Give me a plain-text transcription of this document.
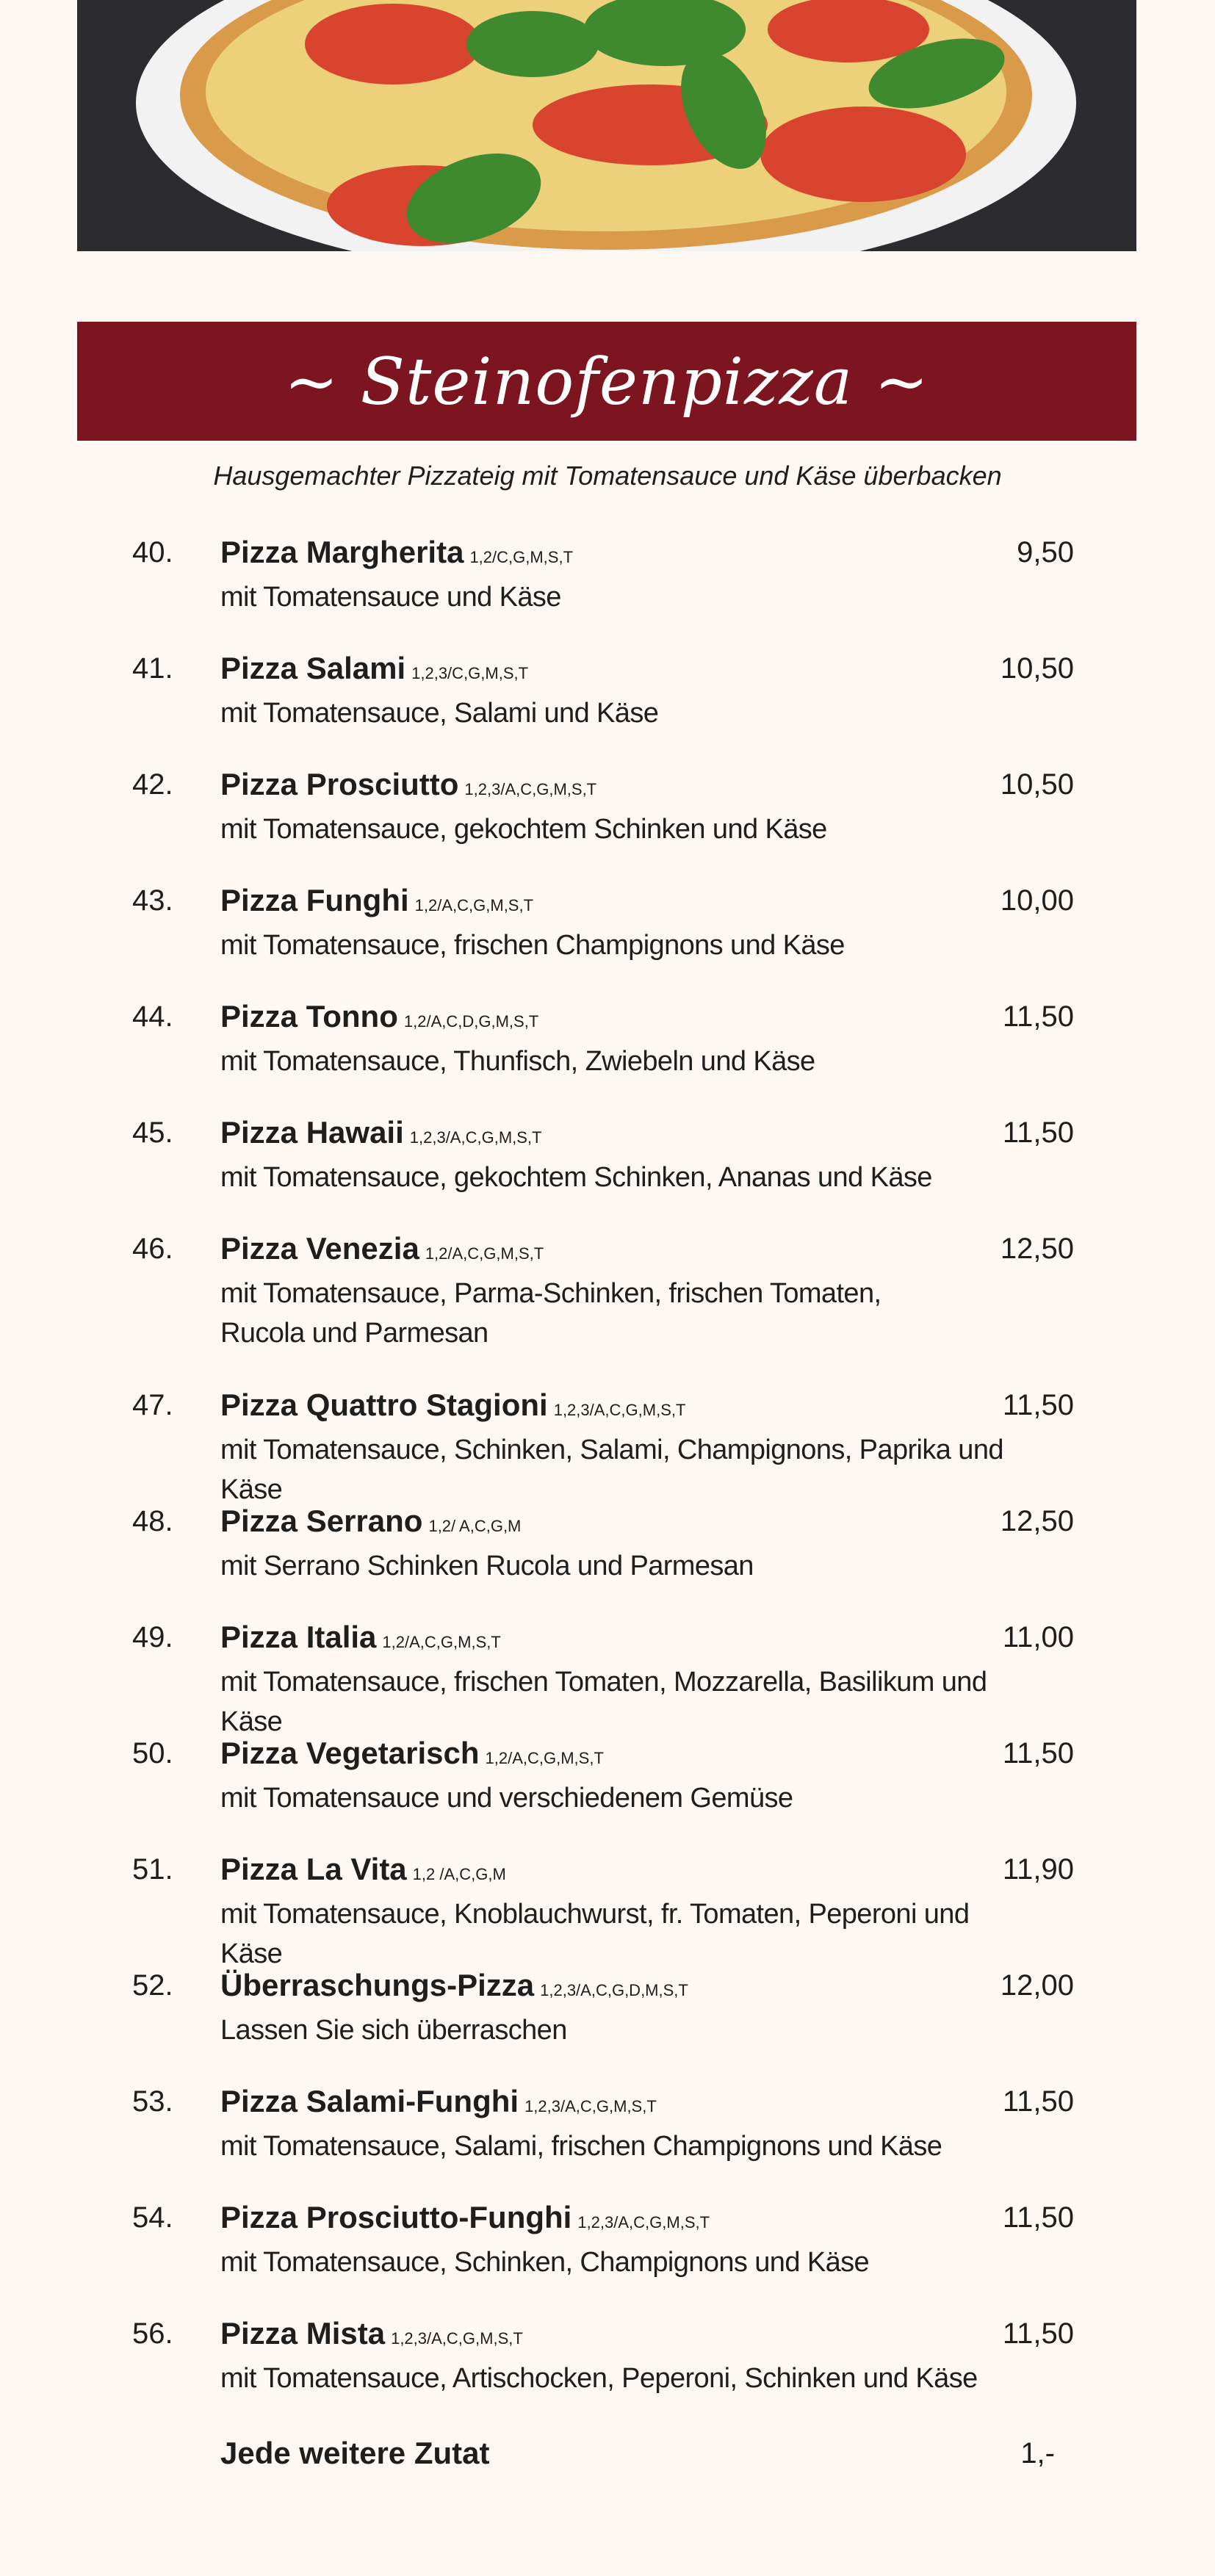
~ Steinofenpizza ~
Hausgemachter Pizzateig mit Tomatensauce und Käse überbacken
40. Pizza Margherita 1,2/C,G,M,S,T
mit Tomatensauce und Käse
9,50
41. Pizza Salami 1,2,3/C,G,M,S,T
mit Tomatensauce, Salami und Käse
10,50
42. Pizza Prosciutto 1,2,3/A,C,G,M,S,T
mit Tomatensauce, gekochtem Schinken und Käse
10,50
43. Pizza Funghi 1,2/A,C,G,M,S,T
mit Tomatensauce, frischen Champignons und Käse
10,00
44. Pizza Tonno 1,2/A,C,D,G,M,S,T
mit Tomatensauce, Thunfisch, Zwiebeln und Käse
11,50
45. Pizza Hawaii 1,2,3/A,C,G,M,S,T
mit Tomatensauce, gekochtem Schinken, Ananas und Käse
11,50
46. Pizza Venezia 1,2/A,C,G,M,S,T
mit Tomatensauce, Parma-Schinken, frischen Tomaten,
Rucola und Parmesan
12,50
47. Pizza Quattro Stagioni 1,2,3/A,C,G,M,S,T
mit Tomatensauce, Schinken, Salami, Champignons, Paprika und Käse
11,50
48. Pizza Serrano 1,2/ A,C,G,M
mit Serrano Schinken Rucola und Parmesan
12,50
49. Pizza Italia 1,2/A,C,G,M,S,T
mit Tomatensauce, frischen Tomaten, Mozzarella, Basilikum und Käse
11,00
50. Pizza Vegetarisch 1,2/A,C,G,M,S,T
mit Tomatensauce und verschiedenem Gemüse
11,50
51. Pizza La Vita 1,2 /A,C,G,M
mit Tomatensauce, Knoblauchwurst, fr. Tomaten, Peperoni und Käse
11,90
52. Überraschungs-Pizza 1,2,3/A,C,G,D,M,S,T
Lassen Sie sich überraschen
12,00
53. Pizza Salami-Funghi 1,2,3/A,C,G,M,S,T
mit Tomatensauce, Salami, frischen Champignons und Käse
11,50
54. Pizza Prosciutto-Funghi 1,2,3/A,C,G,M,S,T
mit Tomatensauce, Schinken, Champignons und Käse
11,50
56. Pizza Mista 1,2,3/A,C,G,M,S,T
mit Tomatensauce, Artischocken, Peperoni, Schinken und Käse
11,50
Jede weitere Zutat	1,-
